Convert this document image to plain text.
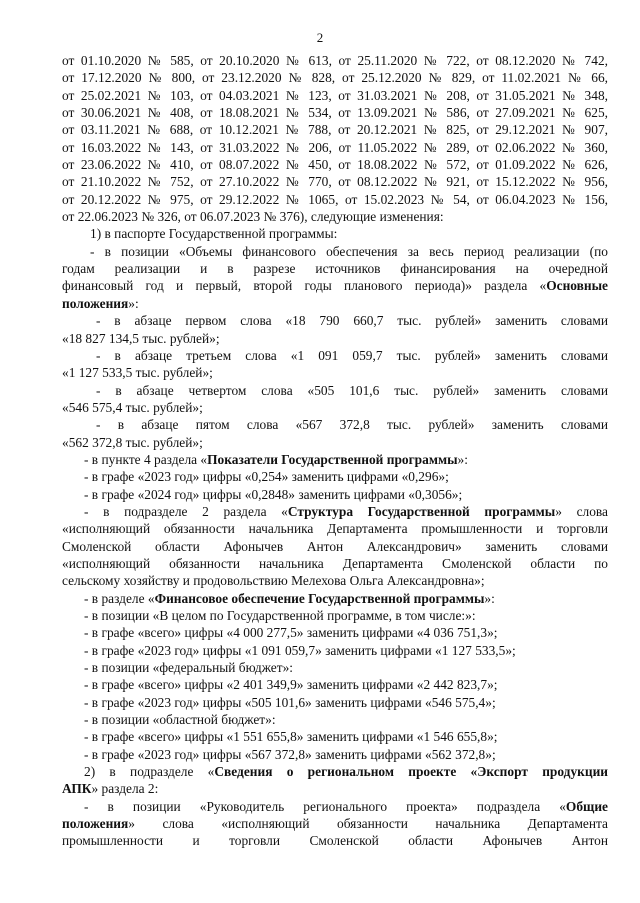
2

от 01.10.2020 № 585, от 20.10.2020 № 613, от 25.11.2020 № 722, от 08.12.2020 № 742,

от 17.12.2020 № 800, от 23.12.2020 № 828, от 25.12.2020 № 829, от 11.02.2021 № 66,

от 25.02.2021 № 103, от 04.03.2021 № 123, от 31.03.2021 № 208, от 31.05.2021 № 348,

от 30.06.2021 № 408, от 18.08.2021 № 534, от 13.09.2021 № 586, от 27.09.2021 № 625,

от 03.11.2021 № 688, от 10.12.2021 № 788, от 20.12.2021 № 825, от 29.12.2021 № 907,

от 16.03.2022 № 143, от 31.03.2022 № 206, от 11.05.2022 № 289, от 02.06.2022 № 360,

от 23.06.2022 № 410, от 08.07.2022 № 450, от 18.08.2022 № 572, от 01.09.2022 № 626,

от 21.10.2022 № 752, от 27.10.2022 № 770, от 08.12.2022 № 921, от 15.12.2022 № 956,

от 20.12.2022 № 975, от 29.12.2022 № 1065, от 15.02.2023 № 54, от 06.04.2023 № 156,

от 22.06.2023 № 326, от 06.07.2023 № 376), следующие изменения:

1) в паспорте Государственной программы:

- в позиции «Объемы финансового обеспечения за весь период реализации (по

годам реализации и в разрезе источников финансирования на очередной

финансовый год и первый, второй годы планового периода)» раздела «Основные

положения»:

- в абзаце первом слова «18 790 660,7 тыс. рублей» заменить словами

«18 827 134,5 тыс. рублей»;

- в абзаце третьем слова «1 091 059,7 тыс. рублей» заменить словами

«1 127 533,5 тыс. рублей»;

- в абзаце четвертом слова «505 101,6 тыс. рублей» заменить словами

«546 575,4 тыс. рублей»;

- в абзаце пятом слова «567 372,8 тыс. рублей» заменить словами

«562 372,8 тыс. рублей»;

- в пункте 4 раздела «Показатели Государственной программы»:

- в графе «2023 год» цифры «0,254» заменить цифрами «0,296»;

- в графе «2024 год» цифры «0,2848» заменить цифрами «0,3056»;

- в подразделе 2 раздела «Структура Государственной программы» слова

«исполняющий обязанности начальника Департамента промышленности и торговли

Смоленской области Афонычев Антон Александрович» заменить словами

«исполняющий обязанности начальника Департамента Смоленской области по

сельскому хозяйству и продовольствию Мелехова Ольга Александровна»;

- в разделе «Финансовое обеспечение Государственной программы»:

- в позиции «В целом по Государственной программе, в том числе:»:

- в графе «всего» цифры «4 000 277,5» заменить цифрами «4 036 751,3»;

- в графе «2023 год» цифры «1 091 059,7» заменить цифрами «1 127 533,5»;

- в позиции «федеральный бюджет»:

- в графе «всего» цифры «2 401 349,9» заменить цифрами «2 442 823,7»;

- в графе «2023 год» цифры «505 101,6» заменить цифрами «546 575,4»;

- в позиции «областной бюджет»:

- в графе «всего» цифры «1 551 655,8» заменить цифрами «1 546 655,8»;

- в графе «2023 год» цифры «567 372,8» заменить цифрами «562 372,8»;

2) в подразделе «Сведения о региональном проекте «Экспорт продукции

АПК» раздела 2:

- в позиции «Руководитель регионального проекта» подраздела «Общие

положения» слова «исполняющий обязанности начальника Департамента

промышленности и торговли Смоленской области Афонычев Антон
